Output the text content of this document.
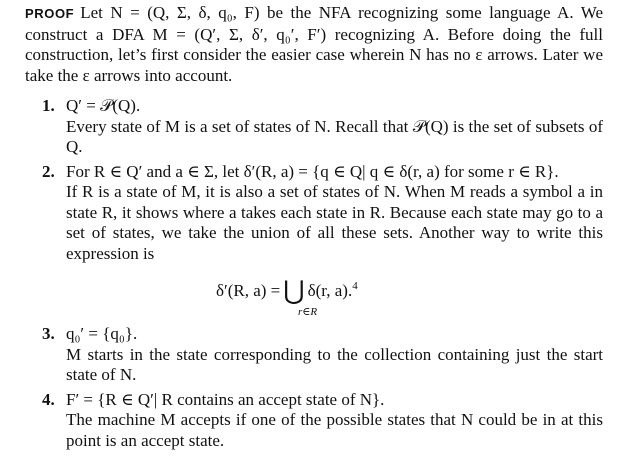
PROOF Let N = (Q, Σ, δ, q₀, F) be the NFA recognizing some language A. We construct a DFA M = (Q′, Σ, δ′, q₀′, F′) recognizing A. Before doing the full construction, let’s first consider the easier case wherein N has no ε arrows. Later we take the ε arrows into account.
1. Q′ = 𝒫(Q).
Every state of M is a set of states of N. Recall that 𝒫(Q) is the set of subsets of Q.
2. For R ∈ Q′ and a ∈ Σ, let δ′(R, a) = {q ∈ Q| q ∈ δ(r, a) for some r ∈ R}.
If R is a state of M, it is also a set of states of N. When M reads a symbol a in state R, it shows where a takes each state in R. Because each state may go to a set of states, we take the union of all these sets. Another way to write this expression is
δ′(R, a) = ⋃ δ(r, a).$^4$
r∈R
3. q₀′ = {q₀}.
M starts in the state corresponding to the collection containing just the start state of N.
4. F′ = {R ∈ Q′| R contains an accept state of N}.
The machine M accepts if one of the possible states that N could be in at this point is an accept state.
